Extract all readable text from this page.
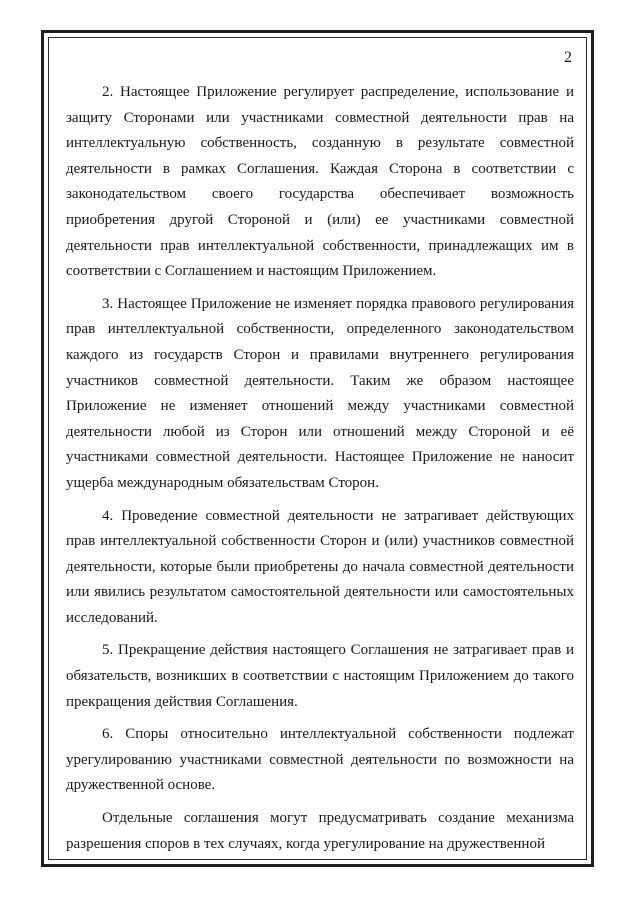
2

2. Настоящее Приложение регулирует распределение, использование и защиту Сторонами или участниками совместной деятельности прав на интеллектуальную собственность, созданную в результате совместной деятельности в рамках Соглашения. Каждая Сторона в соответствии с законодательством своего государства обеспечивает возможность приобретения другой Стороной и (или) ее участниками совместной деятельности прав интеллектуальной собственности, принадлежащих им в соответствии с Соглашением и настоящим Приложением.

3. Настоящее Приложение не изменяет порядка правового регулирования прав интеллектуальной собственности, определенного законодательством каждого из государств Сторон и правилами внутреннего регулирования участников совместной деятельности. Таким же образом настоящее Приложение не изменяет отношений между участниками совместной деятельности любой из Сторон или отношений между Стороной и её участниками совместной деятельности. Настоящее Приложение не наносит ущерба международным обязательствам Сторон.

4. Проведение совместной деятельности не затрагивает действующих прав интеллектуальной собственности Сторон и (или) участников совместной деятельности, которые были приобретены до начала совместной деятельности или явились результатом самостоятельной деятельности или самостоятельных исследований.

5. Прекращение действия настоящего Соглашения не затрагивает прав и обязательств, возникших в соответствии с настоящим Приложением до такого прекращения действия Соглашения.

6. Споры относительно интеллектуальной собственности подлежат урегулированию участниками совместной деятельности по возможности на дружественной основе.

Отдельные соглашения могут предусматривать создание механизма разрешения споров в тех случаях, когда урегулирование на дружественной
